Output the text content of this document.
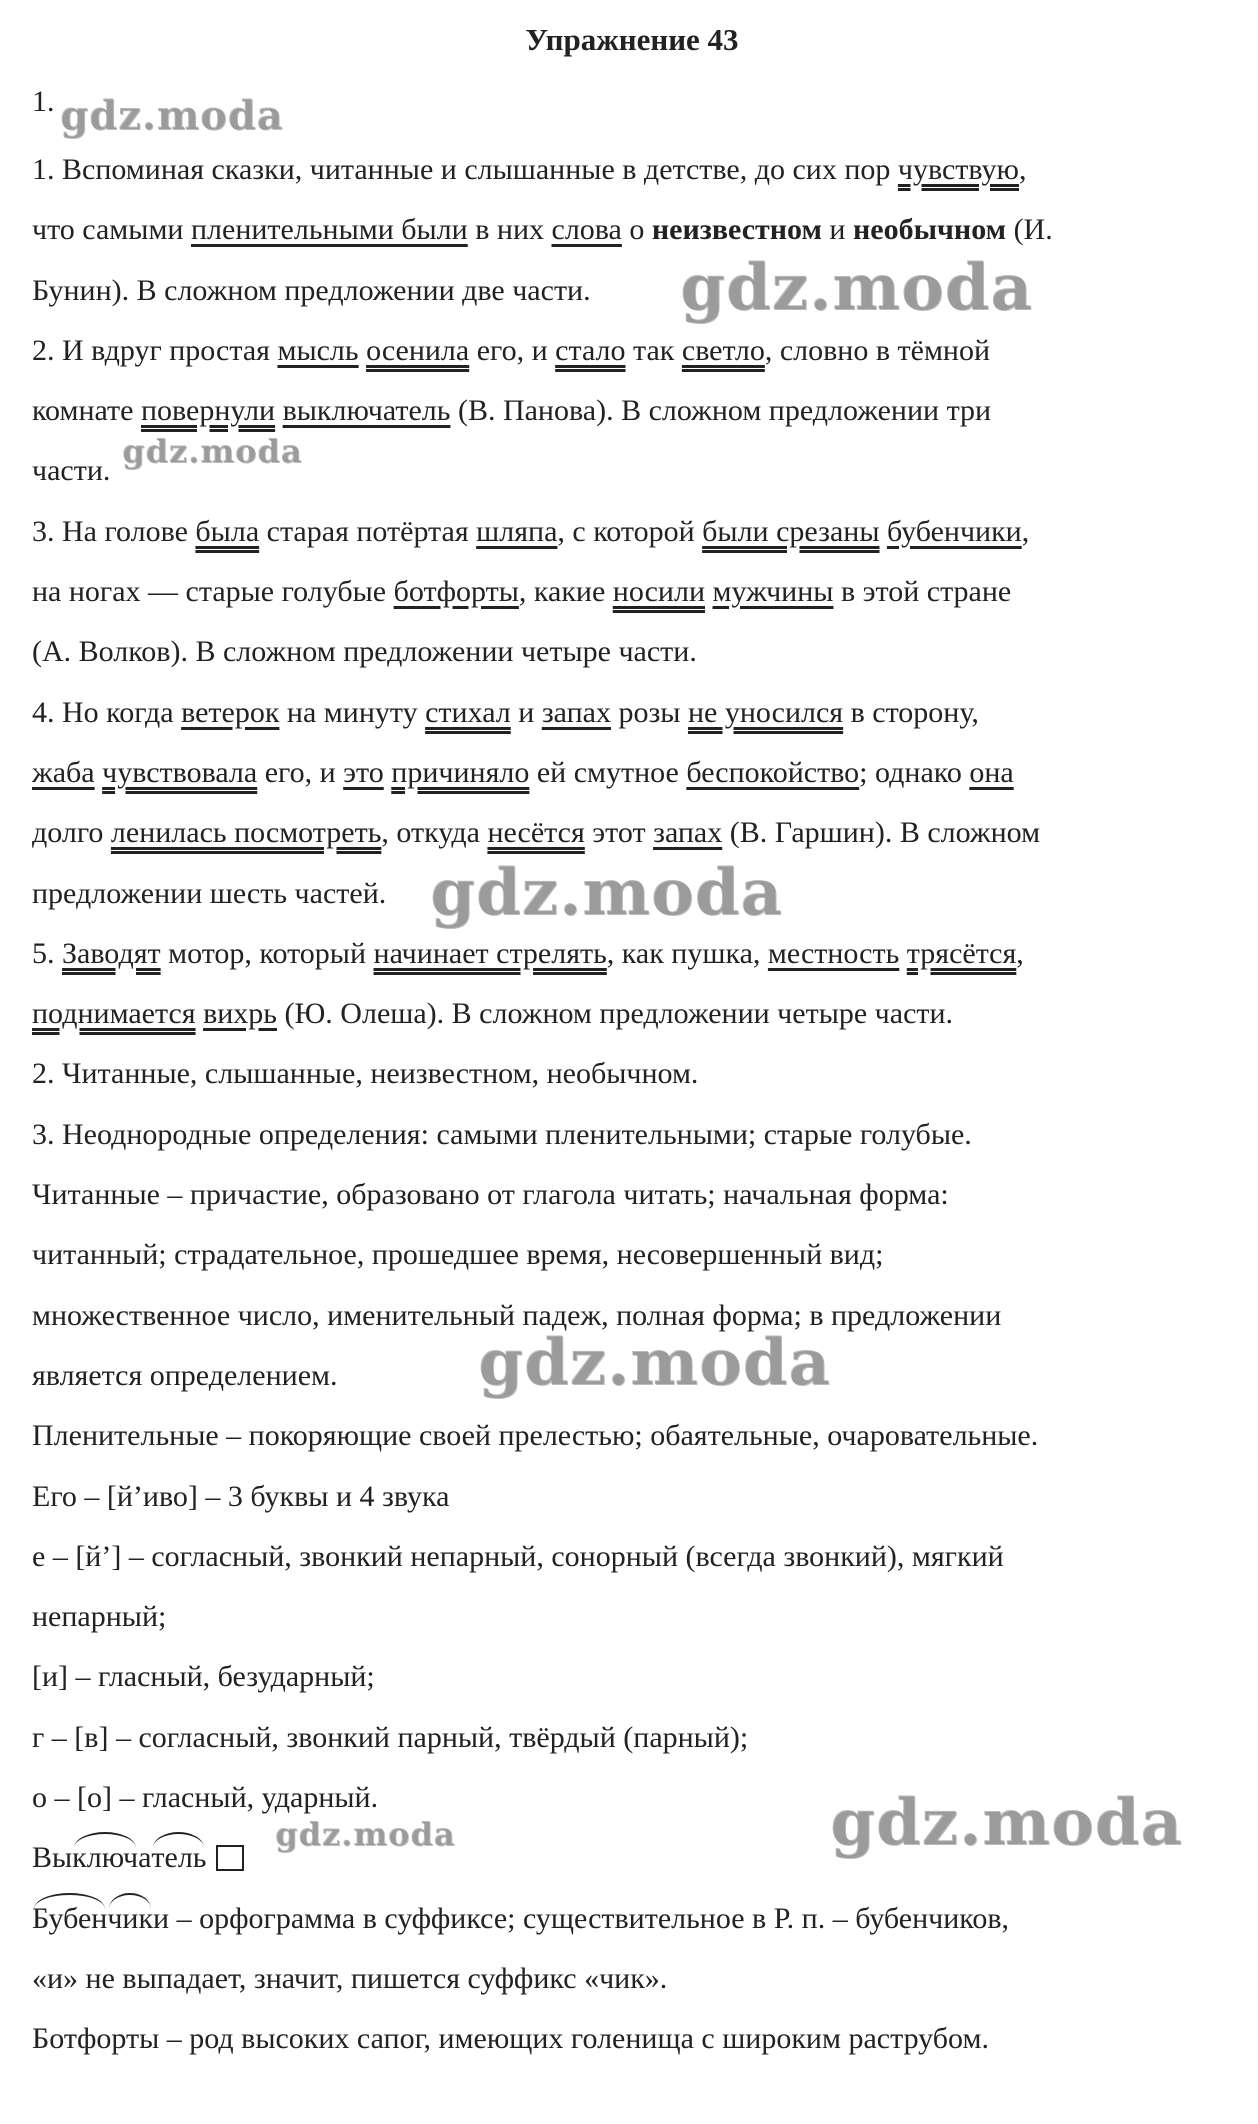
Упражнение 43
1.
1. Вспоминая сказки, читанные и слышанные в детстве, до сих пор чувствую,
что самыми пленительными были в них слова о неизвестном и необычном (И.
Бунин). В сложном предложении две части.
2. И вдруг простая мысль осенила его, и стало так светло, словно в тёмной
комнате повернули выключатель (В. Панова). В сложном предложении три
части.
3. На голове была старая потёртая шляпа, с которой были срезаны бубенчики,
на ногах — старые голубые ботфорты, какие носили мужчины в этой стране
(А. Волков). В сложном предложении четыре части.
4. Но когда ветерок на минуту стихал и запах розы не уносился в сторону,
жаба чувствовала его, и это причиняло ей смутное беспокойство; однако она
долго ленилась посмотреть, откуда несётся этот запах (В. Гаршин). В сложном
предложении шесть частей.
5. Заводят мотор, который начинает стрелять, как пушка, местность трясётся,
поднимается вихрь (Ю. Олеша). В сложном предложении четыре части.
2. Читанные, слышанные, неизвестном, необычном.
3. Неоднородные определения: самыми пленительными; старые голубые.
Читанные – причастие, образовано от глагола читать; начальная форма:
читанный; страдательное, прошедшее время, несовершенный вид;
множественное число, именительный падеж, полная форма; в предложении
является определением.
Пленительные – покоряющие своей прелестью; обаятельные, очаровательные.
Его – [й’иво] – 3 буквы и 4 звука
е – [й’] – согласный, звонкий непарный, сонорный (всегда звонкий), мягкий
непарный;
[и] – гласный, безударный;
г – [в] – согласный, звонкий парный, твёрдый (парный);
о – [о] – гласный, ударный.
Выключатель
Бубенчики – орфограмма в суффиксе; существительное в Р. п. – бубенчиков,
«и» не выпадает, значит, пишется суффикс «чик».
Ботфорты – род высоких сапог, имеющих голенища с широким раструбом.
gdz.moda
gdz.moda
gdz.moda
gdz.moda
gdz.moda
gdz.moda
gdz.moda
